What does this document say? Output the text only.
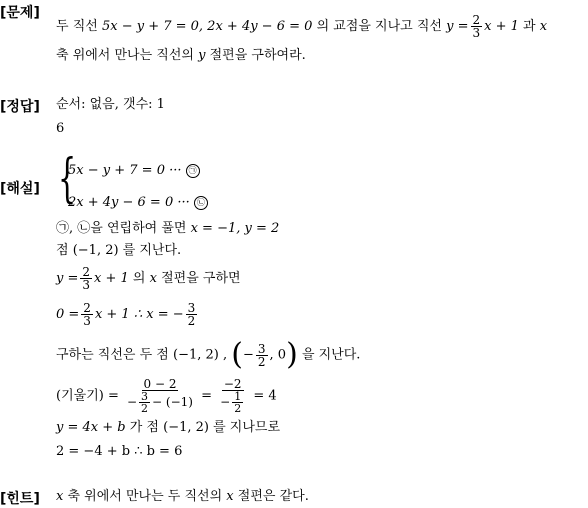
[문제]
두 직선 5x − y + 7 = 0, 2x + 4y − 6 = 0 의 교점을 지나고 직선 $y = \frac{2}{3}$ x + 1 과 x
축 위에서 만나는 직선의 y 절편을 구하여라.
[정답] 순서: 없음, 갯수: 1
6
[해설] {
5x − y + 7 = 0 ··· ㉠
2x + 4y − 6 = 0 ··· ㉡
㉠, ㉡을 연립하여 풀면 x = −1, y = 2
점 (−1, 2) 를 지난다.
$y = \frac{2}{3}$ x + 1 의 x 절편을 구하면
$0 = \frac{2}{3}$ x + 1 ∴ x = − $\frac{3}{2}$
구하는 직선은 두 점 (−1, 2) , (− $\frac{3}{2}$ , 0) 을 지난다.
(기울기) = $\frac{0 - 2}{- \frac{3}{2} - (-1)} = \frac{-2}{- \frac{1}{2}} = 4$
y = 4x + b 가 점 (−1, 2) 를 지나므로
2 = −4 + b ∴ b = 6
[힌트] x 축 위에서 만나는 두 직선의 x 절편은 같다.
